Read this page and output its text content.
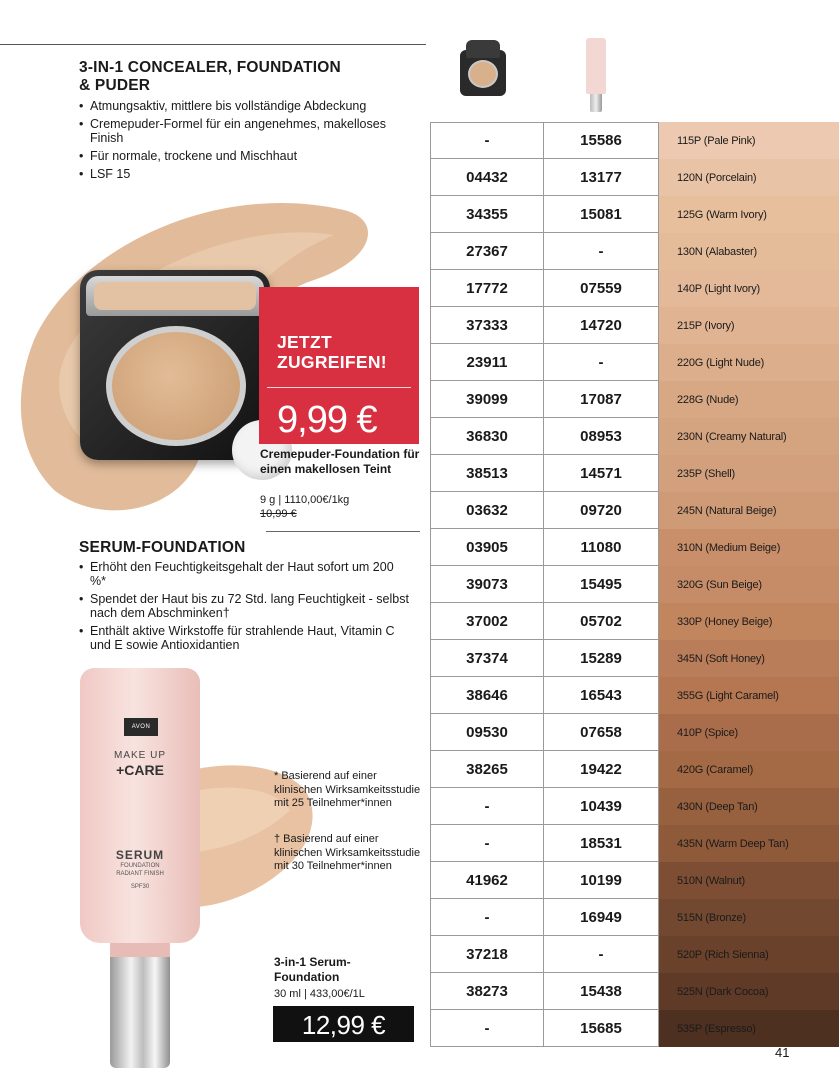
3-IN-1 CONCEALER, FOUNDATION
& PUDER
• Atmungsaktiv, mittlere bis vollständige Abdeckung
• Cremepuder-Formel für ein angenehmes, makelloses Finish
• Für normale, trockene und Mischhaut
• LSF 15
JETZT
ZUGREIFEN!
9,99 €
Cremepuder-Foundation für einen makellosen Teint
9 g | 1110,00€/1kg
10,99 €
SERUM-FOUNDATION
• Erhöht den Feuchtigkeitsgehalt der Haut sofort um 200 %*
• Spendet der Haut bis zu 72 Std. lang Feuchtigkeit - selbst nach dem Abschminken†
• Enthält aktive Wirkstoffe für strahlende Haut, Vitamin C und E sowie Antioxidantien
AVON
MAKE UP
+CARE
SERUM
FOUNDATION
RADIANT FINISH
SPF30
* Basierend auf einer klinischen Wirksamkeitsstudie mit 25 Teilnehmer*innen
† Basierend auf einer klinischen Wirksamkeitsstudie mit 30 Teilnehmer*innen
3-in-1 Serum-Foundation
30 ml | 433,00€/1L
12,99 €
-	15586	115P (Pale Pink)
04432	13177	120N (Porcelain)
34355	15081	125G (Warm Ivory)
27367	-	130N (Alabaster)
17772	07559	140P (Light Ivory)
37333	14720	215P (Ivory)
23911	-	220G (Light Nude)
39099	17087	228G (Nude)
36830	08953	230N (Creamy Natural)
38513	14571	235P (Shell)
03632	09720	245N (Natural Beige)
03905	11080	310N (Medium Beige)
39073	15495	320G (Sun Beige)
37002	05702	330P (Honey Beige)
37374	15289	345N (Soft Honey)
38646	16543	355G (Light Caramel)
09530	07658	410P (Spice)
38265	19422	420G (Caramel)
-	10439	430N (Deep Tan)
-	18531	435N (Warm Deep Tan)
41962	10199	510N (Walnut)
-	16949	515N (Bronze)
37218	-	520P (Rich Sienna)
38273	15438	525N (Dark Cocoa)
-	15685	535P (Espresso)
41
